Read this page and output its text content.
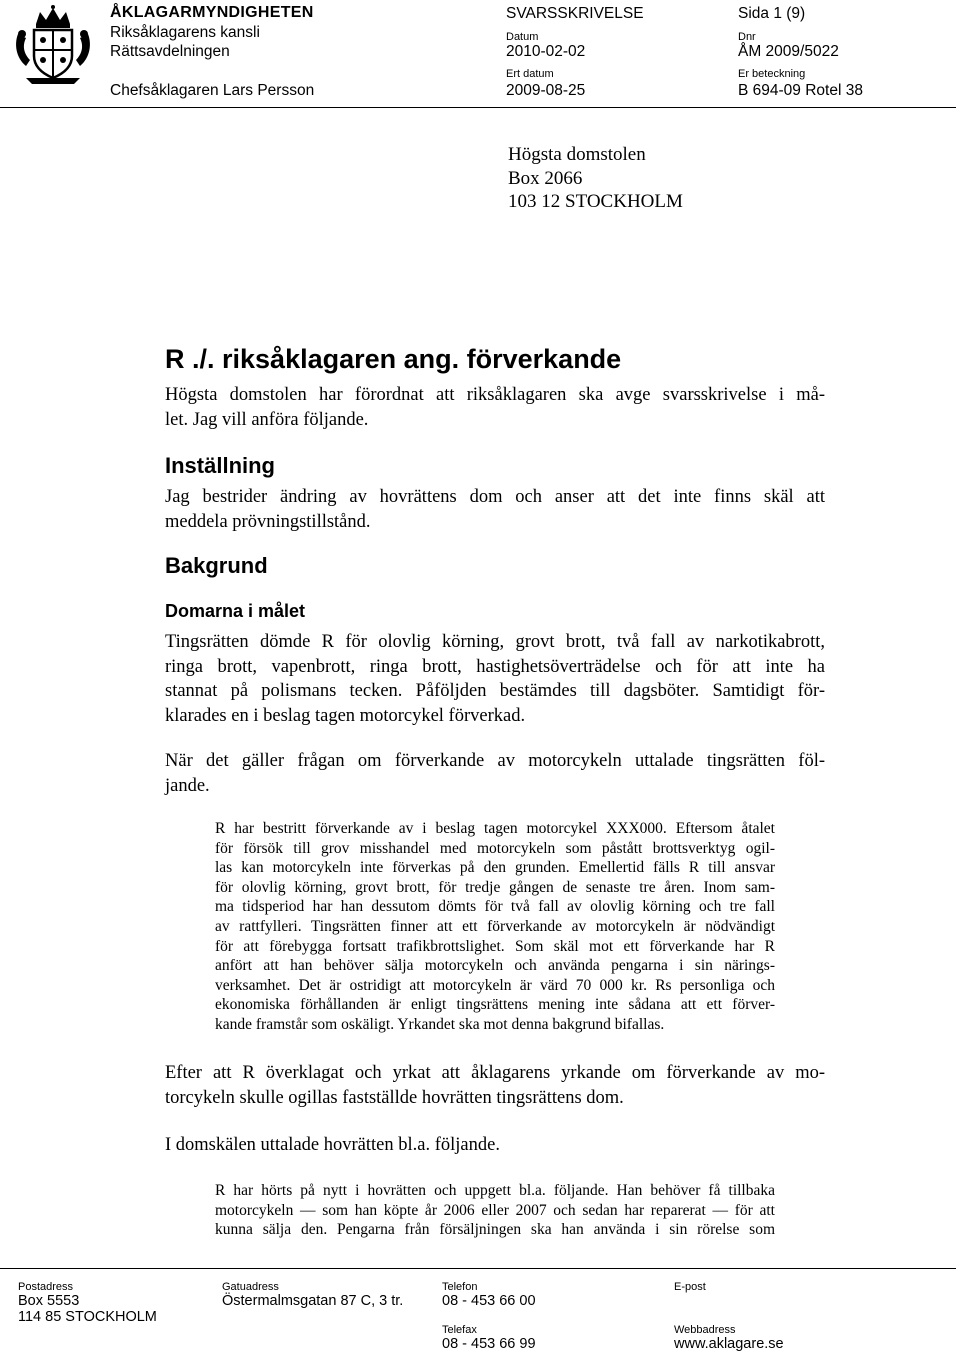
ÅKLAGARMYNDIGHETEN
Riksåklagarens kansli
Rättsavdelningen
Chefsåklagaren Lars Persson
SVARSSKRIVELSE
Datum
2010-02-02
Ert datum
2009-08-25
Sida 1 (9)
Dnr
ÅM 2009/5022
Er beteckning
B 694-09 Rotel 38
Högsta domstolen
Box 2066
103 12 STOCKHOLM
R ./. riksåklagaren ang. förverkande

Högsta domstolen har förordnat att riksåklagaren ska avge svarsskrivelse i må-

let. Jag vill anföra följande.

Inställning

Jag bestrider ändring av hovrättens dom och anser att det inte finns skäl att

meddela prövningstillstånd.

Bakgrund
Domarna i målet

Tingsrätten dömde R för olovlig körning, grovt brott, två fall av narkotikabrott,

ringa brott, vapenbrott, ringa brott, hastighetsöverträdelse och för att inte ha

stannat på polismans tecken. Påföljden bestämdes till dagsböter. Samtidigt för-

klarades en i beslag tagen motorcykel förverkad.

När det gäller frågan om förverkande av motorcykeln uttalade tingsrätten föl-

jande.

R har bestritt förverkande av i beslag tagen motorcykel XXX000. Eftersom åtalet

för försök till grov misshandel med motorcykeln som påstått brottsverktyg ogil-

las kan motorcykeln inte förverkas på den grunden. Emellertid fälls R till ansvar

för olovlig körning, grovt brott, för tredje gången de senaste tre åren. Inom sam-

ma tidsperiod har han dessutom dömts för två fall av olovlig körning och tre fall

av rattfylleri. Tingsrätten finner att ett förverkande av motorcykeln är nödvändigt

för att förebygga fortsatt trafikbrottslighet. Som skäl mot ett förverkande har R

anfört att han behöver sälja motorcykeln och använda pengarna i sin närings-

verksamhet. Det är ostridigt att motorcykeln är värd 70 000 kr. Rs personliga och

ekonomiska förhållanden är enligt tingsrättens mening inte sådana att ett förver-

kande framstår som oskäligt. Yrkandet ska mot denna bakgrund bifallas.

Efter att R överklagat och yrkat att åklagarens yrkande om förverkande av mo-

torcykeln skulle ogillas fastställde hovrätten tingsrättens dom.

I domskälen uttalade hovrätten bl.a. följande.

R har hörts på nytt i hovrätten och uppgett bl.a. följande. Han behöver få tillbaka

motorcykeln — som han köpte år 2006 eller 2007 och sedan har reparerat — för att

kunna sälja den. Pengarna från försäljningen ska han använda i sin rörelse som

Postadress
Box 5553
114 85 STOCKHOLM
Gatuadress
Östermalmsgatan 87 C, 3 tr.
Telefon
08 - 453 66 00
Telefax
08 - 453 66 99
E-post
Webbadress
www.aklagare.se
